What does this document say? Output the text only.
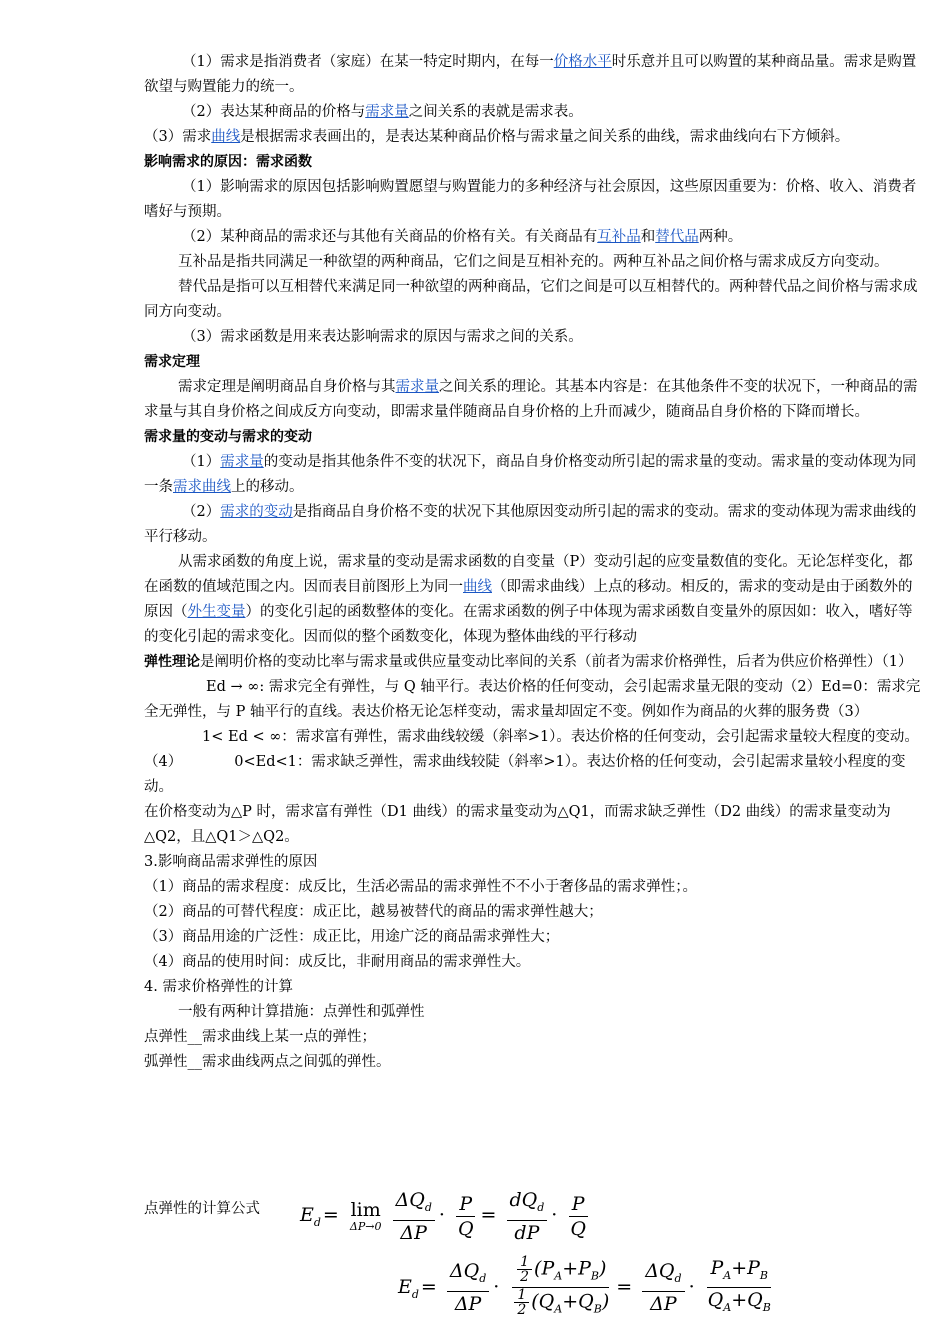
（1）需求是指消费者（家庭）在某一特定时期内，在每一价格水平时乐意并且可以购置的某种商品量。需求是购置欲望与购置能力的统一。

（2）表达某种商品的价格与需求量之间关系的表就是需求表。

（3）需求曲线是根据需求表画出的，是表达某种商品价格与需求量之间关系的曲线，需求曲线向右下方倾斜。

影响需求的原因：需求函数

（1）影响需求的原因包括影响购置愿望与购置能力的多种经济与社会原因，这些原因重要为：价格、收入、消费者嗜好与预期。

（2）某种商品的需求还与其他有关商品的价格有关。有关商品有互补品和替代品两种。

互补品是指共同满足一种欲望的两种商品，它们之间是互相补充的。两种互补品之间价格与需求成反方向变动。

替代品是指可以互相替代来满足同一种欲望的两种商品，它们之间是可以互相替代的。两种替代品之间价格与需求成同方向变动。

（3）需求函数是用来表达影响需求的原因与需求之间的关系。

需求定理

需求定理是阐明商品自身价格与其需求量之间关系的理论。其基本内容是：在其他条件不变的状况下，一种商品的需求量与其自身价格之间成反方向变动，即需求量伴随商品自身价格的上升而减少，随商品自身价格的下降而增长。

需求量的变动与需求的变动

（1）需求量的变动是指其他条件不变的状况下，商品自身价格变动所引起的需求量的变动。需求量的变动体现为同一条需求曲线上的移动。

（2）需求的变动是指商品自身价格不变的状况下其他原因变动所引起的需求的变动。需求的变动体现为需求曲线的平行移动。

从需求函数的角度上说，需求量的变动是需求函数的自变量（P）变动引起的应变量数值的变化。无论怎样变化，都在函数的值域范围之内。因而表目前图形上为同一曲线（即需求曲线）上点的移动。相反的，需求的变动是由于函数外的原因（外生变量）的变化引起的函数整体的变化。在需求函数的例子中体现为需求函数自变量外的原因如：收入，嗜好等的变化引起的需求变化。因而似的整个函数变化，体现为整体曲线的平行移动

弹性理论是阐明价格的变动比率与需求量或供应量变动比率间的关系（前者为需求价格弹性，后者为供应价格弹性）（1）Ed → ∞: 需求完全有弹性，与 Q 轴平行。表达价格的任何变动，会引起需求量无限的变动（2）Ed=0：需求完全无弹性，与 P 轴平行的直线。表达价格无论怎样变动，需求量却固定不变。例如作为商品的火葬的服务费（3）1< Ed < ∞：需求富有弹性，需求曲线较缓（斜率>1）。表达价格的任何变动，会引起需求量较大程度的变动。（4）	0<Ed<1：需求缺乏弹性，需求曲线较陡（斜率>1）。表达价格的任何变动，会引起需求量较小程度的变动。

在价格变动为△P 时，需求富有弹性（D1 曲线）的需求量变动为△Q1，而需求缺乏弹性（D2 曲线）的需求量变动为△Q2，且△Q1＞△Q2。

3.影响商品需求弹性的原因

（1）商品的需求程度：成反比，生活必需品的需求弹性不不小于奢侈品的需求弹性；。

（2）商品的可替代程度：成正比，越易被替代的商品的需求弹性越大；

（3）商品用途的广泛性：成正比，用途广泛的商品需求弹性大；

（4）商品的使用时间：成反比，非耐用商品的需求弹性大。

4. 需求价格弹性的计算

一般有两种计算措施：点弹性和弧弹性

点弹性__需求曲线上某一点的弹性；

弧弹性__需求曲线两点之间弧的弹性。

点弹性的计算公式 $E_d = \lim$
ΔP→0
$\frac{\Delta Q_d}{\Delta P} \cdot \frac{P}{Q} = \frac{dQ_d}{dP} \cdot \frac{P}{Q}$
$E_d = \frac{\Delta Q_d}{\Delta P} \cdot \frac{\frac{1}{2} (P_A+P_B)}{\frac{1}{2} (Q_A+Q_B)} = \frac{\Delta Q_d}{\Delta P} \cdot \frac{P_A+P_B}{Q_A+Q_B}$
